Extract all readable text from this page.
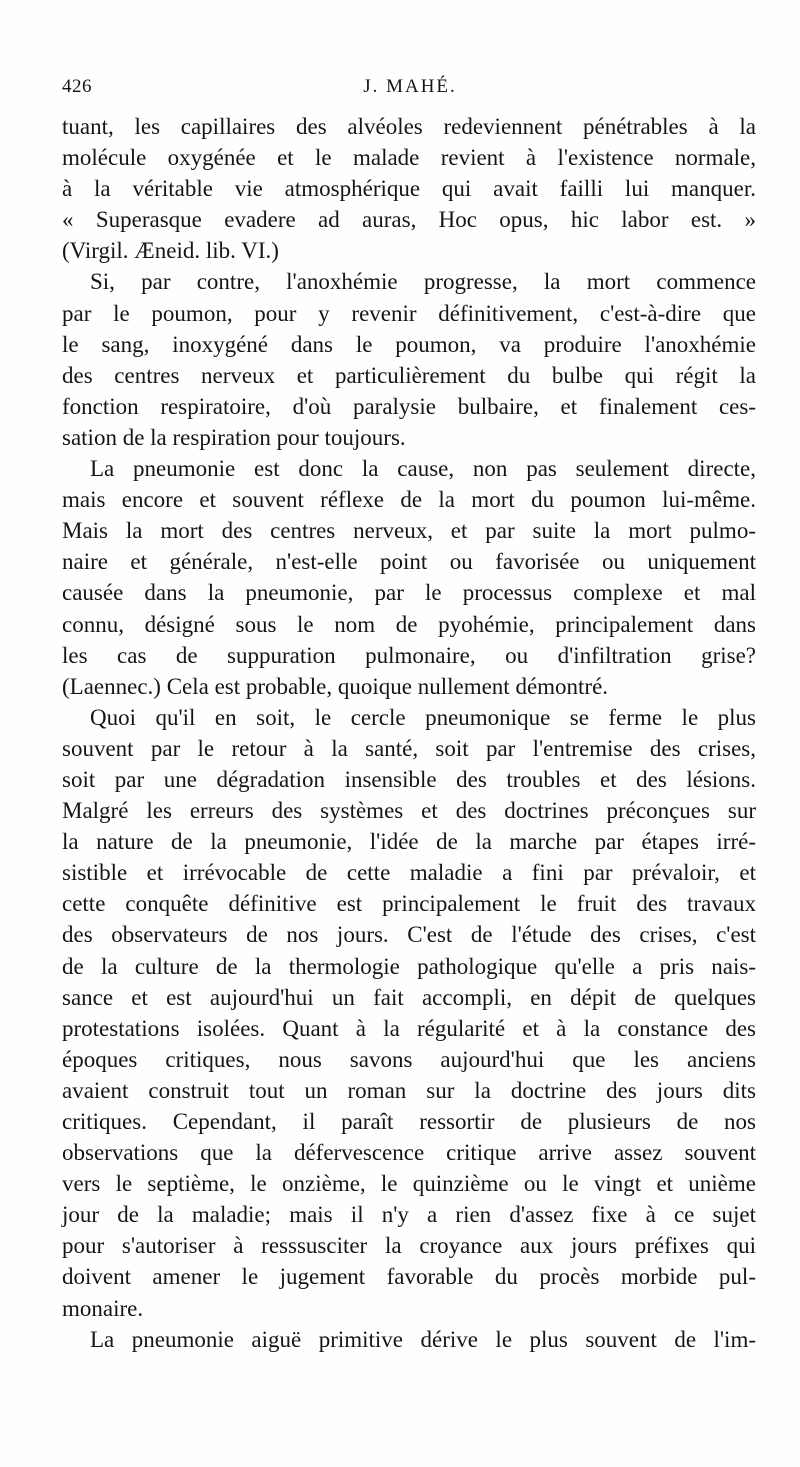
426	J. MAHÉ.
tuant, les capillaires des alvéoles redeviennent pénétrables à la
molécule oxygénée et le malade revient à l'existence normale,
à la véritable vie atmosphérique qui avait failli lui manquer.
« Superasque evadere ad auras, Hoc opus, hic labor est. »
(Virgil. Æneid. lib. VI.)
Si, par contre, l'anoxhémie progresse, la mort commence
par le poumon, pour y revenir définitivement, c'est-à-dire que
le sang, inoxygéné dans le poumon, va produire l'anoxhémie
des centres nerveux et particulièrement du bulbe qui régit la
fonction respiratoire, d'où paralysie bulbaire, et finalement ces-
sation de la respiration pour toujours.
La pneumonie est donc la cause, non pas seulement directe,
mais encore et souvent réflexe de la mort du poumon lui-même.
Mais la mort des centres nerveux, et par suite la mort pulmo-
naire et générale, n'est-elle point ou favorisée ou uniquement
causée dans la pneumonie, par le processus complexe et mal
connu, désigné sous le nom de pyohémie, principalement dans
les cas de suppuration pulmonaire, ou d'infiltration grise?
(Laennec.) Cela est probable, quoique nullement démontré.
Quoi qu'il en soit, le cercle pneumonique se ferme le plus
souvent par le retour à la santé, soit par l'entremise des crises,
soit par une dégradation insensible des troubles et des lésions.
Malgré les erreurs des systèmes et des doctrines préconçues sur
la nature de la pneumonie, l'idée de la marche par étapes irré-
sistible et irrévocable de cette maladie a fini par prévaloir, et
cette conquête définitive est principalement le fruit des travaux
des observateurs de nos jours. C'est de l'étude des crises, c'est
de la culture de la thermologie pathologique qu'elle a pris nais-
sance et est aujourd'hui un fait accompli, en dépit de quelques
protestations isolées. Quant à la régularité et à la constance des
époques critiques, nous savons aujourd'hui que les anciens
avaient construit tout un roman sur la doctrine des jours dits
critiques. Cependant, il paraît ressortir de plusieurs de nos
observations que la défervescence critique arrive assez souvent
vers le septième, le onzième, le quinzième ou le vingt et unième
jour de la maladie; mais il n'y a rien d'assez fixe à ce sujet
pour s'autoriser à resssusciter la croyance aux jours préfixes qui
doivent amener le jugement favorable du procès morbide pul-
monaire.
La pneumonie aiguë primitive dérive le plus souvent de l'im-
